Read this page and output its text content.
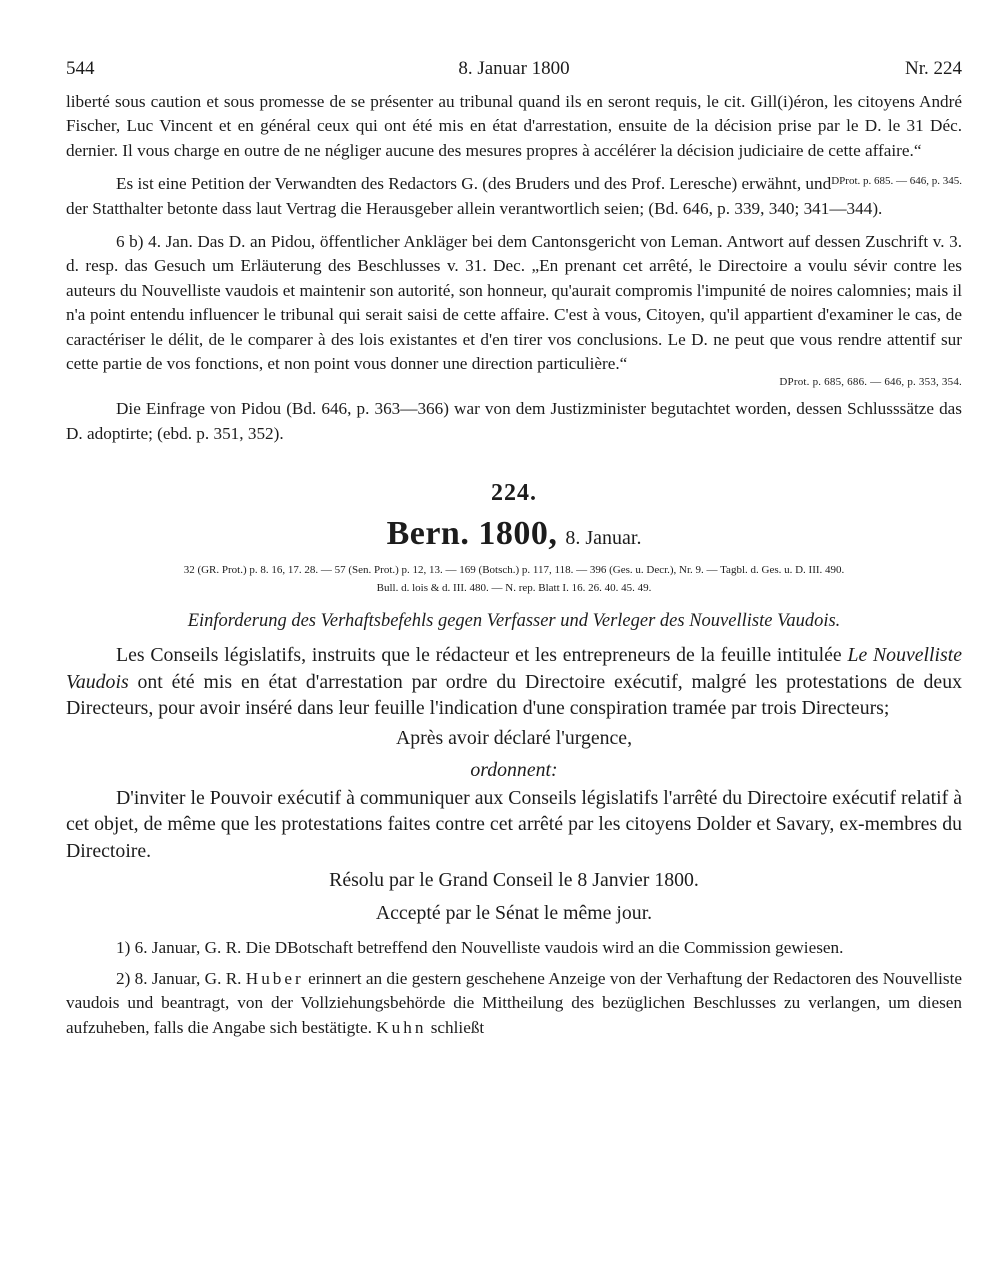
544	8. Januar 1800	Nr. 224

liberté sous caution et sous promesse de se présenter au tribunal quand ils en seront requis, le cit. Gill(i)éron, les citoyens André Fischer, Luc Vincent et en général ceux qui ont été mis en état d'arrestation, ensuite de la décision prise par le D. le 31 Déc. dernier. Il vous charge en outre de ne négliger aucune des mesures propres à accélérer la décision judiciaire de cette affaire.“
DProt. p. 685. — 646, p. 345.

Es ist eine Petition der Verwandten des Redactors G. (des Bruders und des Prof. Leresche) erwähnt, und der Statthalter betonte dass laut Vertrag die Herausgeber allein verantwortlich seien; (Bd. 646, p. 339, 340; 341—344).

6 b) 4. Jan. Das D. an Pidou, öffentlicher Ankläger bei dem Cantonsgericht von Leman. Antwort auf dessen Zuschrift v. 3. d. resp. das Gesuch um Erläuterung des Beschlusses v. 31. Dec. „En prenant cet arrêté, le Directoire a voulu sévir contre les auteurs du Nouvelliste vaudois et maintenir son autorité, son honneur, qu'aurait compromis l'impunité de noires calomnies; mais il n'a point entendu influencer le tribunal qui serait saisi de cette affaire. C'est à vous, Citoyen, qu'il appartient d'examiner le cas, de caractériser le délit, de le comparer à des lois existantes et d'en tirer vos conclusions. Le D. ne peut que vous rendre attentif sur cette partie de vos fonctions, et non point vous donner une direction particulière.“

DProt. p. 685, 686. — 646, p. 353, 354.

Die Einfrage von Pidou (Bd. 646, p. 363—366) war von dem Justizminister begutachtet worden, dessen Schlusssätze das D. adoptirte; (ebd. p. 351, 352).

224.
Bern. 1800, 8. Januar.
32 (GR. Prot.) p. 8. 16, 17. 28. — 57 (Sen. Prot.) p. 12, 13. — 169 (Botsch.) p. 117, 118. — 396 (Ges. u. Decr.), Nr. 9. — Tagbl. d. Ges. u. D. III. 490.
Bull. d. lois & d. III. 480. — N. rep. Blatt I. 16. 26. 40. 45. 49.
Einforderung des Verhaftsbefehls gegen Verfasser und Verleger des Nouvelliste Vaudois.

Les Conseils législatifs, instruits que le rédacteur et les entrepreneurs de la feuille intitulée Le Nouvelliste Vaudois ont été mis en état d'arrestation par ordre du Directoire exécutif, malgré les protestations de deux Directeurs, pour avoir inséré dans leur feuille l'indication d'une conspiration tramée par trois Directeurs;

Après avoir déclaré l'urgence,
ordonnent:

D'inviter le Pouvoir exécutif à communiquer aux Conseils législatifs l'arrêté du Directoire exécutif relatif à cet objet, de même que les protestations faites contre cet arrêté par les citoyens Dolder et Savary, ex-membres du Directoire.

Résolu par le Grand Conseil le 8 Janvier 1800.
Accepté par le Sénat le même jour.

1) 6. Januar, G. R. Die DBotschaft betreffend den Nouvelliste vaudois wird an die Commission gewiesen.

2) 8. Januar, G. R. Huber erinnert an die gestern geschehene Anzeige von der Verhaftung der Redactoren des Nouvelliste vaudois und beantragt, von der Vollziehungsbehörde die Mittheilung des bezüglichen Beschlusses zu verlangen, um diesen aufzuheben, falls die Angabe sich bestätigte. Kuhn schließt
